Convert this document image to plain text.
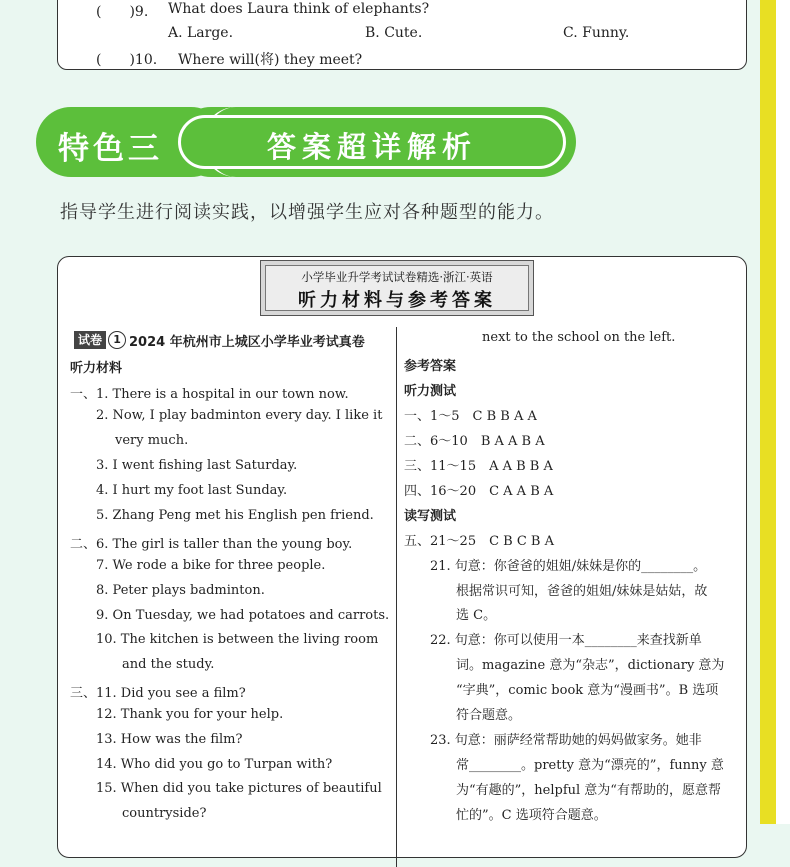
(　　)9. What does Laura think of elephants?
A. Large.	B. Cute.	C. Funny.
(　　)10. Where will(将) they meet?
特色三	答案超详解析
指导学生进行阅读实践，以增强学生应对各种题型的能力。
小学毕业升学考试试卷精选·浙江·英语
听力材料与参考答案
试卷	1 2024 年杭州市上城区小学毕业考试真卷
听力材料
一、1. There is a hospital in our town now.
2. Now, I play badminton every day. I like it
very much.
3. I went fishing last Saturday.
4. I hurt my foot last Sunday.
5. Zhang Peng met his English pen friend.
二、6. The girl is taller than the young boy.
7. We rode a bike for three people.
8. Peter plays badminton.
9. On Tuesday, we had potatoes and carrots.
10. The kitchen is between the living room
and the study.
三、11. Did you see a film?
12. Thank you for your help.
13. How was the film?
14. Who did you go to Turpan with?
15. When did you take pictures of beautiful
countryside?
next to the school on the left.
参考答案
听力测试
一、1～5　C B B A A
二、6～10　B A A B A
三、11～15　A A B B A
四、16～20　C A A B A
读写测试
五、21～25　C B C B A
21. 句意：你爸爸的姐姐/妹妹是你的________。
根据常识可知，爸爸的姐姐/妹妹是姑姑，故
选 C。
22. 句意：你可以使用一本________来查找新单
词。magazine 意为“杂志”，dictionary 意为
“字典”，comic book 意为“漫画书”。B 选项
符合题意。
23. 句意：丽萨经常帮助她的妈妈做家务。她非
常________。pretty 意为“漂亮的”，funny 意
为“有趣的”，helpful 意为“有帮助的，愿意帮
忙的”。C 选项符合题意。
